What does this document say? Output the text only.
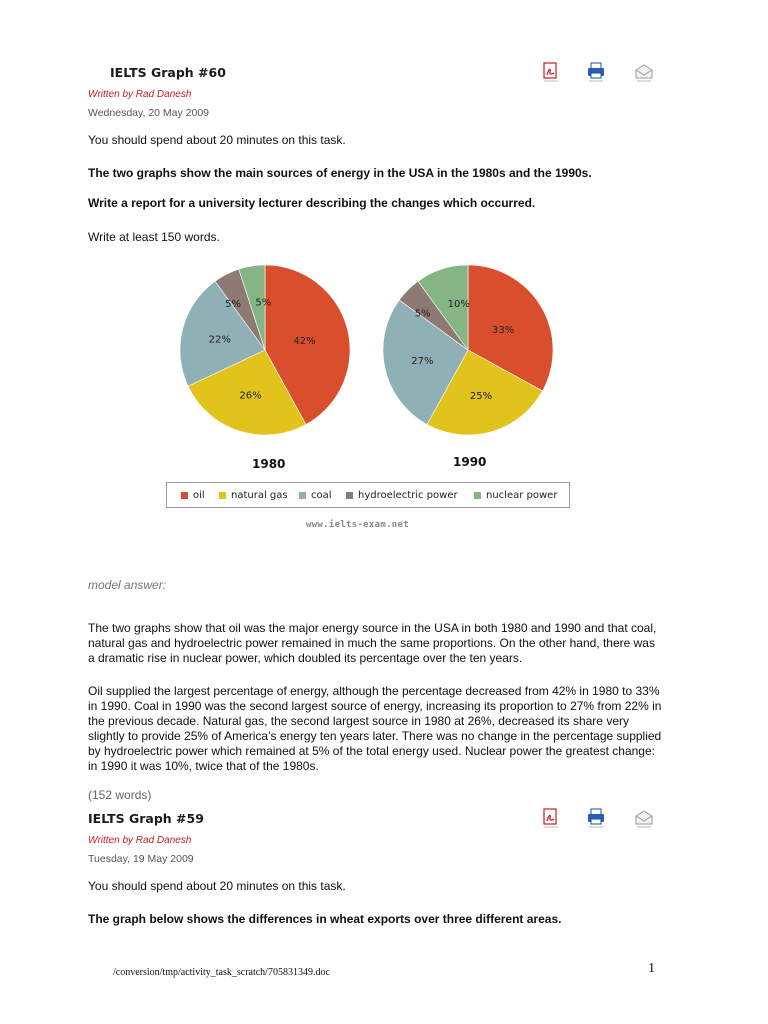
IELTS Graph #60
Written by Rad Danesh
Wednesday, 20 May 2009
You should spend about 20 minutes on this task.
The two graphs show the main sources of energy in the USA in the 1980s and the 1990s.
Write a report for a university lecturer describing the changes which occurred.
Write at least 150 words.
42%
26%
22%
5% 5%
33%
25%
27%
5%
10%
1980	1990
oil	natural gas coal	hydroelectric power	nuclear power
www.ielts-exam.net
model answer:
The two graphs show that oil was the major energy source in the USA in both 1980 and 1990 and that coal, natural gas and hydroelectric power remained in much the same proportions. On the other hand, there was a dramatic rise in nuclear power, which doubled its percentage over the ten years.
Oil supplied the largest percentage of energy, although the percentage decreased from 42% in 1980 to 33% in 1990. Coal in 1990 was the second largest source of energy, increasing its proportion to 27% from 22% in the previous decade. Natural gas, the second largest source in 1980 at 26%, decreased its share very slightly to provide 25% of America’s energy ten years later. There was no change in the percentage supplied by hydroelectric power which remained at 5% of the total energy used. Nuclear power the greatest change: in 1990 it was 10%, twice that of the 1980s.
(152 words)
IELTS Graph #59
Written by Rad Danesh
Tuesday, 19 May 2009
You should spend about 20 minutes on this task.
The graph below shows the differences in wheat exports over three different areas.
/conversion/tmp/activity_task_scratch/705831349.doc	1
